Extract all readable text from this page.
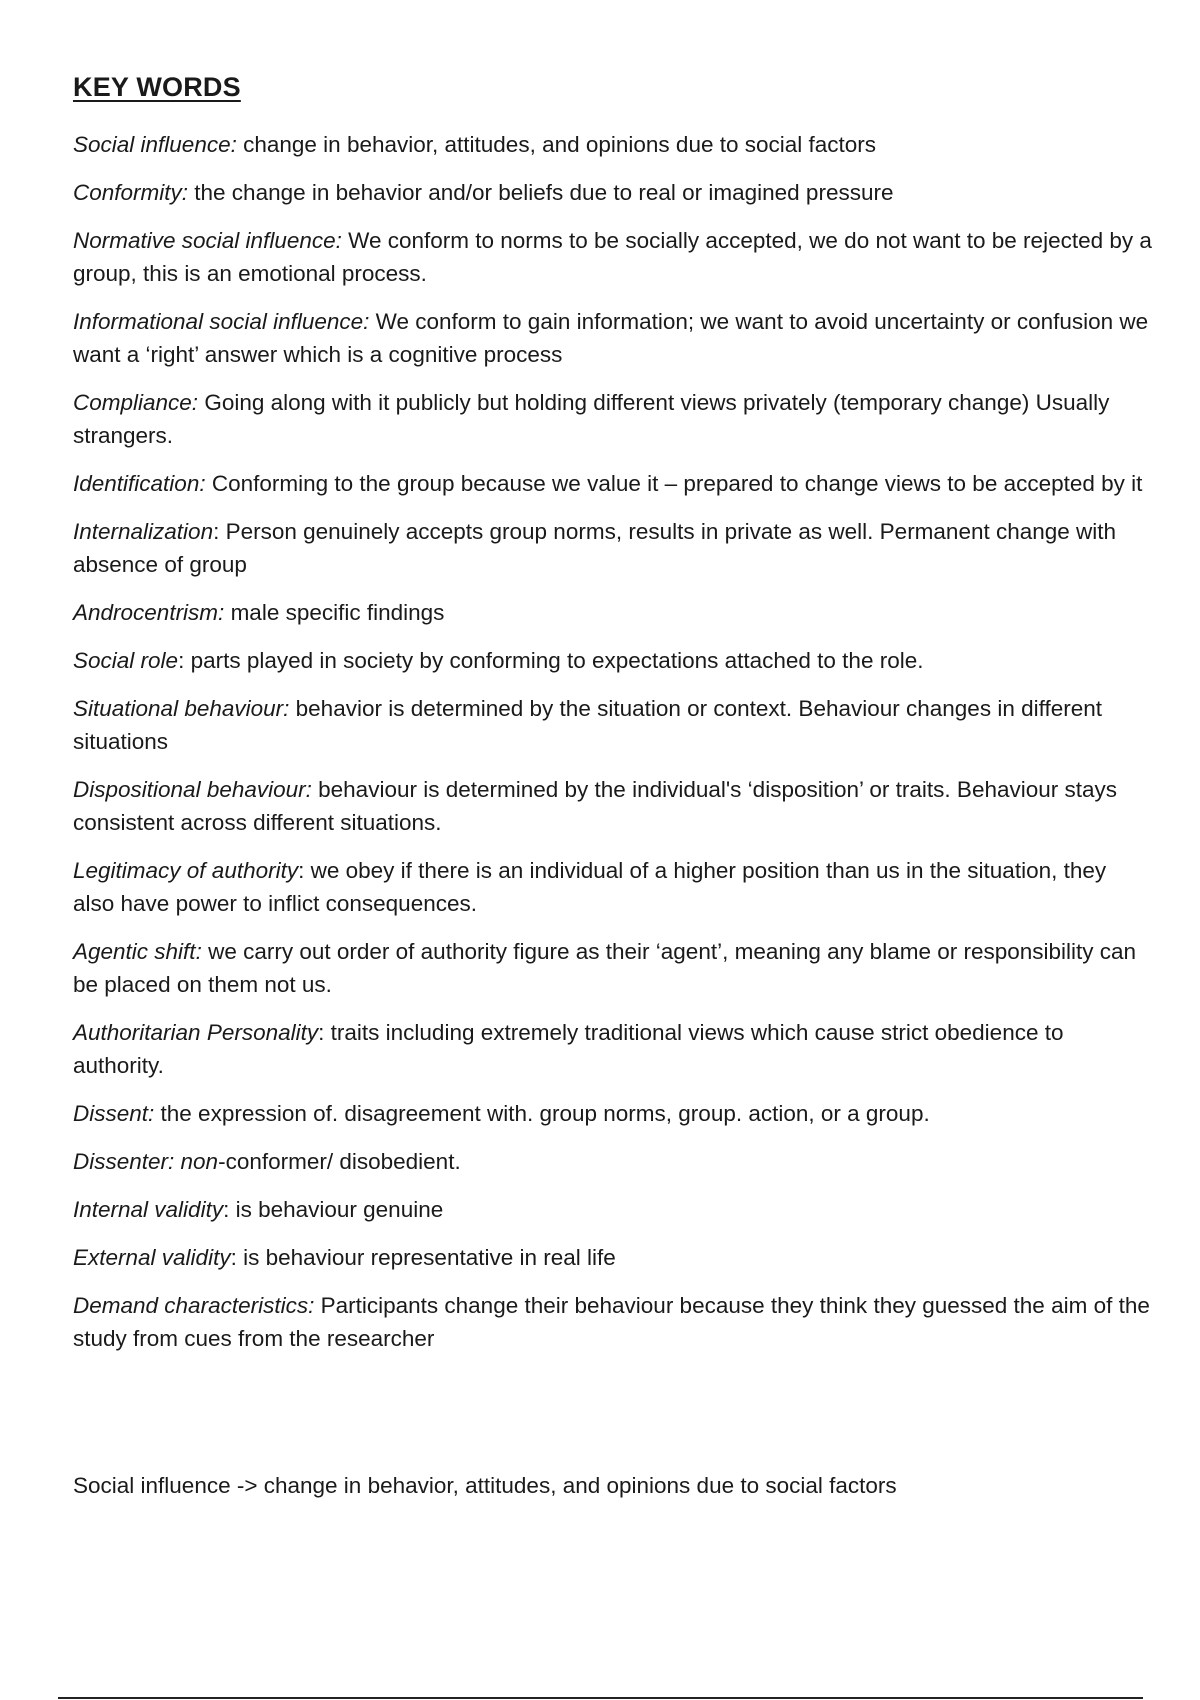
KEY WORDS
Social influence: change in behavior, attitudes, and opinions due to social factors
Conformity: the change in behavior and/or beliefs due to real or imagined pressure
Normative social influence: We conform to norms to be socially accepted, we do not want to be rejected by a group, this is an emotional process.
Informational social influence: We conform to gain information; we want to avoid uncertainty or confusion we want a ‘right’ answer which is a cognitive process
Compliance: Going along with it publicly but holding different views privately (temporary change) Usually strangers.
Identification: Conforming to the group because we value it – prepared to change views to be accepted by it
Internalization: Person genuinely accepts group norms, results in private as well. Permanent change with absence of group
Androcentrism: male specific findings
Social role: parts played in society by conforming to expectations attached to the role.
Situational behaviour: behavior is determined by the situation or context. Behaviour changes in different situations
Dispositional behaviour: behaviour is determined by the individual's ‘disposition’ or traits. Behaviour stays consistent across different situations.
Legitimacy of authority: we obey if there is an individual of a higher position than us in the situation, they also have power to inflict consequences.
Agentic shift: we carry out order of authority figure as their ‘agent’, meaning any blame or responsibility can be placed on them not us.
Authoritarian Personality: traits including extremely traditional views which cause strict obedience to authority.
Dissent: the expression of. disagreement with. group norms, group. action, or a group.
Dissenter: non-conformer/ disobedient.
Internal validity: is behaviour genuine
External validity: is behaviour representative in real life
Demand characteristics: Participants change their behaviour because they think they guessed the aim of the study from cues from the researcher

Social influence -> change in behavior, attitudes, and opinions due to social factors
